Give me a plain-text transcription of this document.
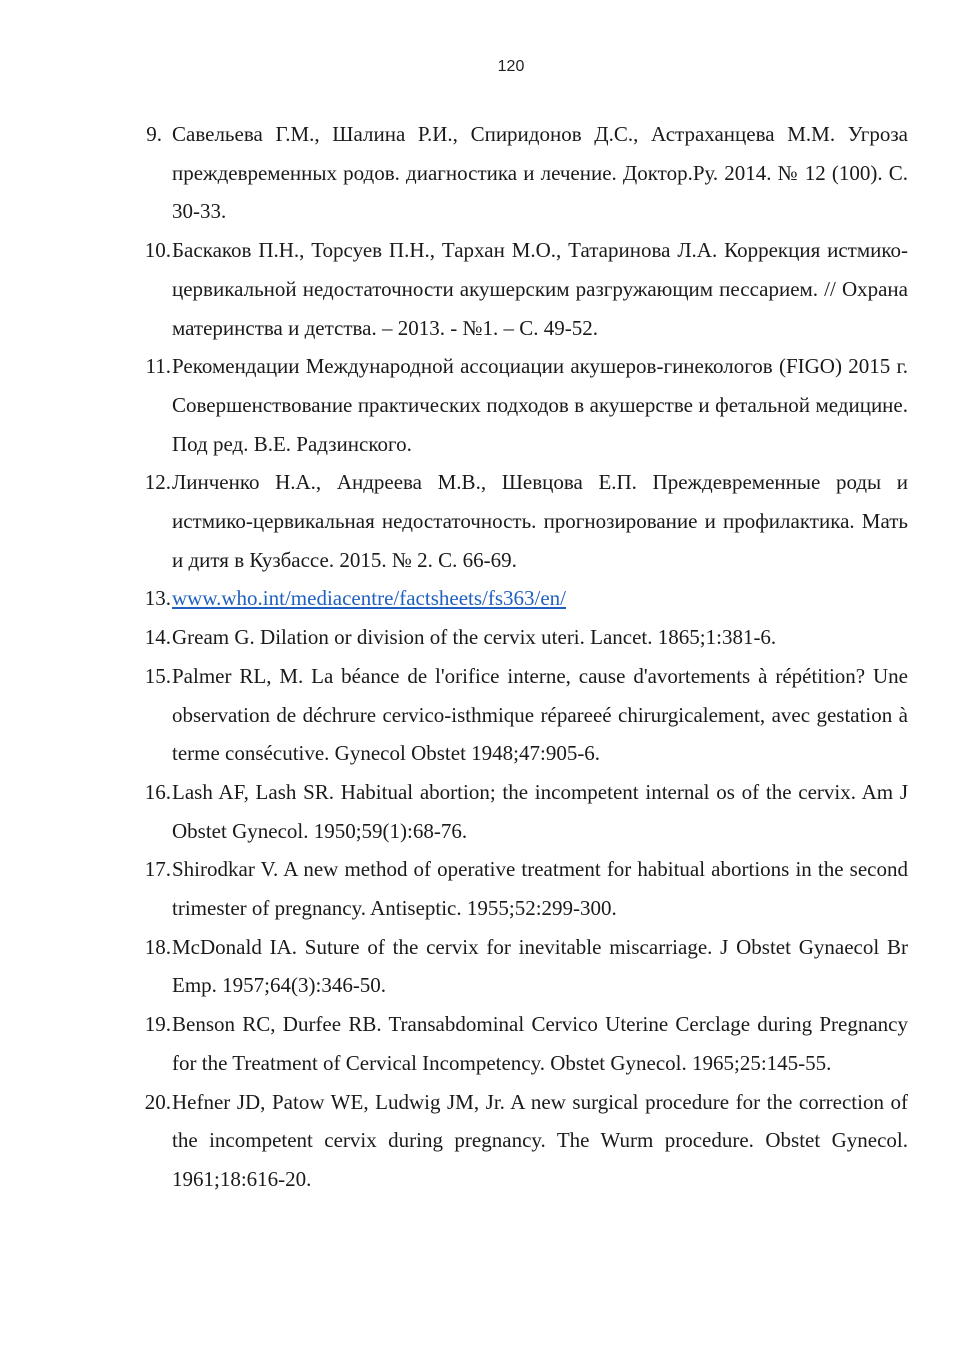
120
9. Савельева Г.М., Шалина Р.И., Спиридонов Д.С., Астраханцева М.М. Угроза преждевременных родов. диагностика и лечение. Доктор.Ру. 2014. № 12 (100). С. 30-33.
10. Баскаков П.Н., Торсуев П.Н., Тархан М.О., Татаринова Л.А. Коррекция истмико-цервикальной недостаточности акушерским разгружающим пессарием. // Охрана материнства и детства. – 2013. - №1. – С. 49-52.
11. Рекомендации Международной ассоциации акушеров-гинекологов (FIGO) 2015 г. Совершенствование практических подходов в акушерстве и фетальной медицине. Под ред. В.Е. Радзинского.
12. Линченко Н.А., Андреева М.В., Шевцова Е.П. Преждевременные роды и истмико-цервикальная недостаточность. прогнозирование и профилактика. Мать и дитя в Кузбассе. 2015. № 2. С. 66-69.
13. www.who.int/mediacentre/factsheets/fs363/en/
14. Gream G. Dilation or division of the cervix uteri. Lancet. 1865;1:381-6.
15. Palmer RL, M. La béance de l'orifice interne, cause d'avortements à répétition? Une observation de déchrure cervico-isthmique répareeé chirurgicalement, avec gestation à terme consécutive. Gynecol Obstet 1948;47:905-6.
16. Lash AF, Lash SR. Habitual abortion; the incompetent internal os of the cervix. Am J Obstet Gynecol. 1950;59(1):68-76.
17. Shirodkar V. A new method of operative treatment for habitual abortions in the second trimester of pregnancy. Antiseptic. 1955;52:299-300.
18. McDonald IA. Suture of the cervix for inevitable miscarriage. J Obstet Gynaecol Br Emp. 1957;64(3):346-50.
19. Benson RC, Durfee RB. Transabdominal Cervico Uterine Cerclage during Pregnancy for the Treatment of Cervical Incompetency. Obstet Gynecol. 1965;25:145-55.
20. Hefner JD, Patow WE, Ludwig JM, Jr. A new surgical procedure for the correction of the incompetent cervix during pregnancy. The Wurm procedure. Obstet Gynecol. 1961;18:616-20.
